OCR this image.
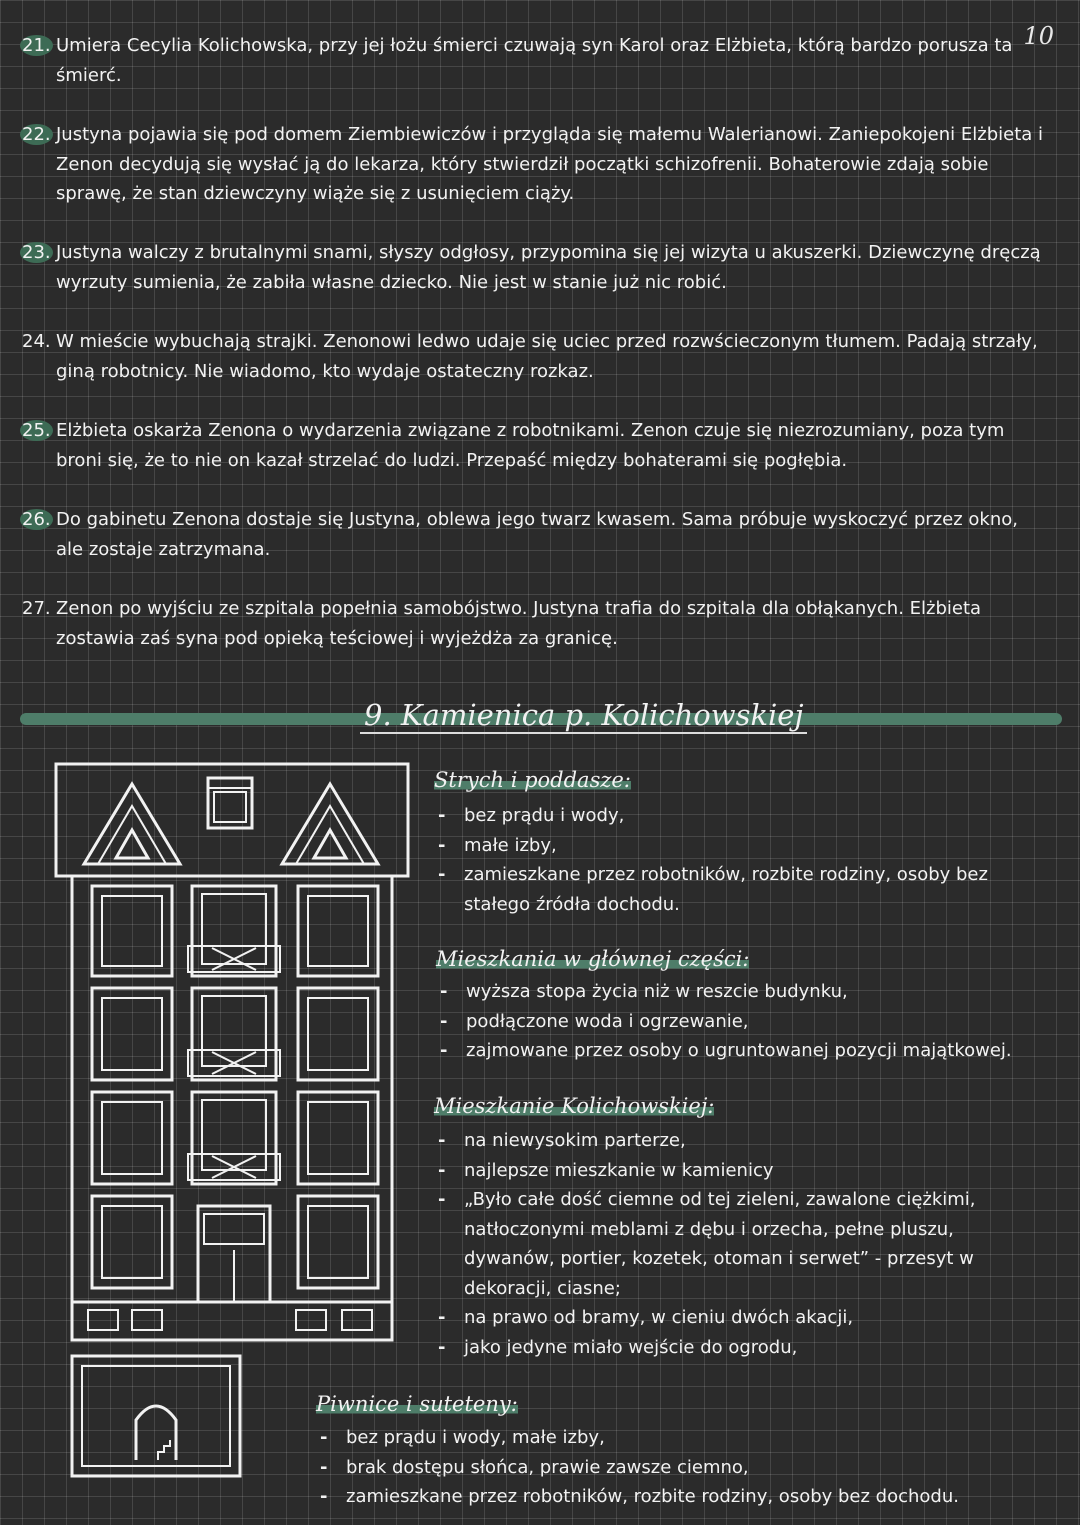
10
21. Umiera Cecylia Kolichowska, przy jej łożu śmierci czuwają syn Karol oraz Elżbieta, którą bardzo porusza ta śmierć.
22. Justyna pojawia się pod domem Ziembiewiczów i przygląda się małemu Walerianowi. Zaniepokojeni Elżbieta i Zenon decydują się wysłać ją do lekarza, który stwierdził początki schizofrenii. Bohaterowie zdają sobie sprawę, że stan dziewczyny wiąże się z usunięciem ciąży.
23. Justyna walczy z brutalnymi snami, słyszy odgłosy, przypomina się jej wizyta u akuszerki. Dziewczynę dręczą wyrzuty sumienia, że zabiła własne dziecko. Nie jest w stanie już nic robić.
24. W mieście wybuchają strajki. Zenonowi ledwo udaje się uciec przed rozwścieczonym tłumem. Padają strzały, giną robotnicy. Nie wiadomo, kto wydaje ostateczny rozkaz.
25. Elżbieta oskarża Zenona o wydarzenia związane z robotnikami. Zenon czuje się niezrozumiany, poza tym broni się, że to nie on kazał strzelać do ludzi. Przepaść między bohaterami się pogłębia.
26. Do gabinetu Zenona dostaje się Justyna, oblewa jego twarz kwasem. Sama próbuje wyskoczyć przez okno, ale zostaje zatrzymana.
27. Zenon po wyjściu ze szpitala popełnia samobójstwo. Justyna trafia do szpitala dla obłąkanych. Elżbieta zostawia zaś syna pod opieką teściowej i wyjeżdża za granicę.
9. Kamienica p. Kolichowskiej
Strych i poddasze:
- bez prądu i wody,
- małe izby,
- zamieszkane przez robotników, rozbite rodziny, osoby bez stałego źródła dochodu.
Mieszkania w głównej części:
- wyższa stopa życia niż w reszcie budynku,
- podłączone woda i ogrzewanie,
- zajmowane przez osoby o ugruntowanej pozycji majątkowej.
Mieszkanie Kolichowskiej:
- na niewysokim parterze,
- najlepsze mieszkanie w kamienicy
- „Było całe dość ciemne od tej zieleni, zawalone ciężkimi, natłoczonymi meblami z dębu i orzecha, pełne pluszu, dywanów, portier, kozetek, otoman i serwet” - przesyt w dekoracji, ciasne;
- na prawo od bramy, w cieniu dwóch akacji,
- jako jedyne miało wejście do ogrodu,
Piwnice i suteteny:
- bez prądu i wody, małe izby,
- brak dostępu słońca, prawie zawsze ciemno,
- zamieszkane przez robotników, rozbite rodziny, osoby bez dochodu.
